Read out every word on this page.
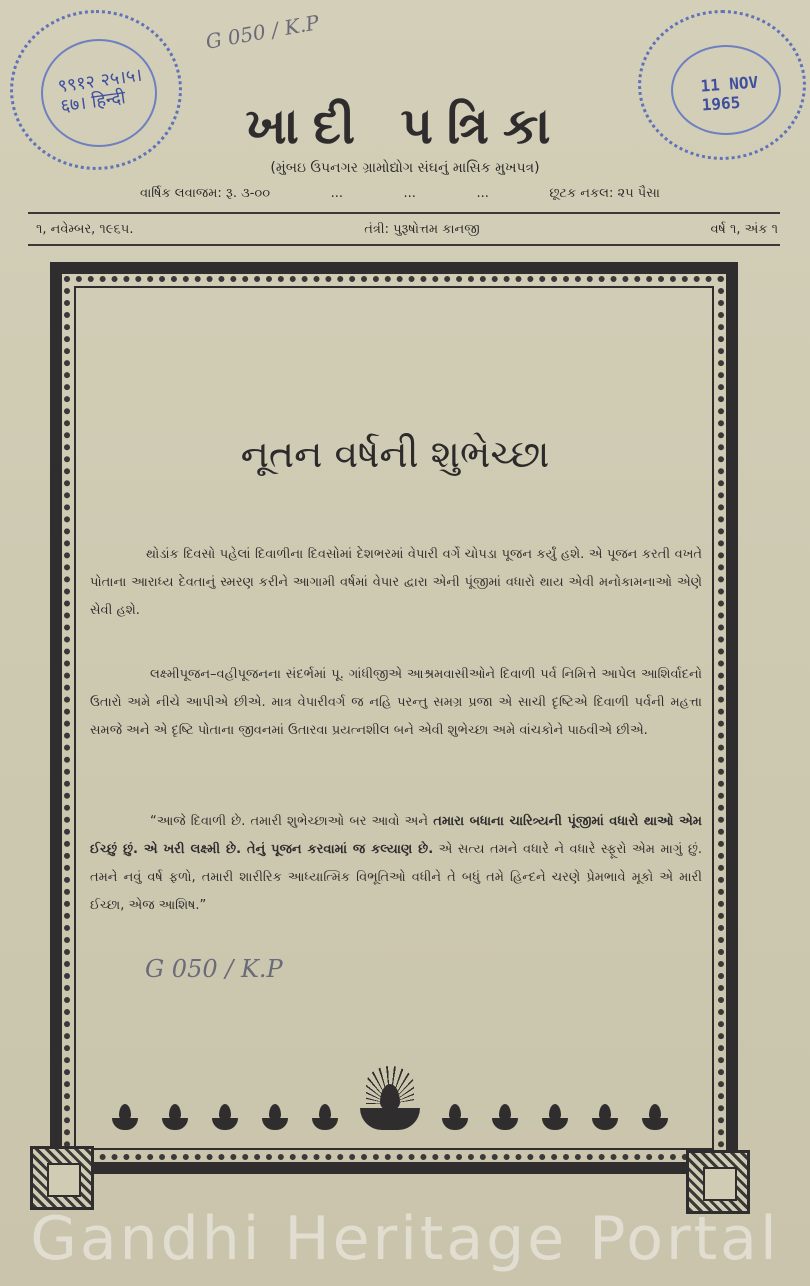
९९१२ २५।५।६७। हिन्दी
11 NOV 1965
G 050 / K.P
ખાદી પત્રિકા
(મુંબઇ ઉપનગર ગ્રામોદ્યોગ સંઘનું માસિક મુખપત્ર)
વાર્ષિક લવાજમ: રૂ. ૩-૦૦	...	...	...	છૂટક નકલ: ૨૫ પૈસા
૧, નવેમ્બર, ૧૯૬૫.	તંત્રી: પુરૂષોત્તમ કાનજી	વર્ષ ૧, અંક ૧
નૂતન વર્ષની શુભેચ્છા

થોડાંક દિવસો પહેલાં દિવાળીના દિવસોમાં દેશભરમાં વેપારી વર્ગે ચોપડા પૂજન કર્યું હશે. એ પૂજન કરતી વખતે પોતાના આરાધ્ય દેવતાનું સ્મરણ કરીને આગામી વર્ષમાં વેપાર દ્વારા એની પૂંજીમાં વધારો થાય એવી મનોકામનાઓ એણે સેવી હશે.

લક્ષ્મીપૂજન–વહીપૂજનના સંદર્ભમાં પૂ. ગાંધીજીએ આશ્રમવાસીઓને દિવાળી પર્વ નિમિત્તે આપેલ આશિર્વાદનો ઉતારો અમે નીચે આપીએ છીએ. માત્ર વેપારીવર્ગ જ નહિ પરન્તુ સમગ્ર પ્રજા એ સાચી દૃષ્ટિએ દિવાળી પર્વની મહત્તા સમજે અને એ દૃષ્ટિ પોતાના જીવનમાં ઉતારવા પ્રયત્નશીલ બને એવી શુભેચ્છા અમે વાંચકોને પાઠવીએ છીએ.

“આજે દિવાળી છે. તમારી શુભેચ્છાઓ બર આવો અને તમારા બધાના ચારિત્ર્યની પૂંજીમાં વધારો થાઓ એમ ઈચ્છું છું. એ ખરી લક્ષ્મી છે. તેનું પૂજન કરવામાં જ કલ્યાણ છે. એ સત્ય તમને વધારે ને વધારે સ્ફૂરો એમ માગું છું. તમને નવું વર્ષ ફળો, તમારી શારીરિક આધ્યાત્મિક વિભૂતિઓ વધીને તે બધું તમે હિન્દને ચરણે પ્રેમભાવે મૂકો એ મારી ઈચ્છા, એજ આશિષ.”

G 050 / K.P
Gandhi Heritage Portal
